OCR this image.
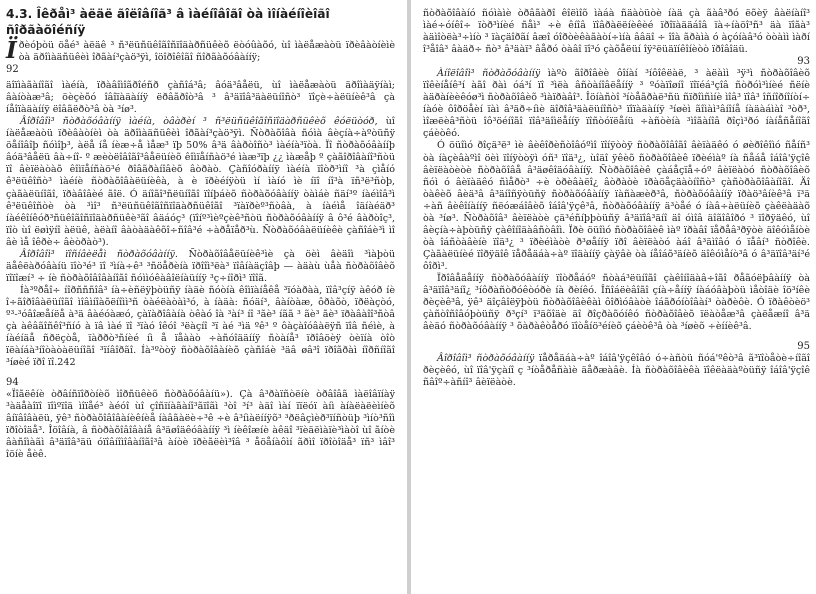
4.3. Îêðåì³ àëäë ãîëîâíîã³ â ìàéíîâîãî òà ìîíàéíîèîãî ñîðãàõîéñíÿ

Ïðèóþòü öåé³ àëäê ³ ñ³ëüñüêîãîñïîäàðñüêèõ ëòóûàõó, ùî ìàëåæàòü ïðèâàòíèìè òà äðîìàäñüêèì îðãàí³çàö³ÿì, îöîðîêîãî ñîðãàõóâàííÿ;

92

äîïìàãàíîãî ìàéíà, ïðàâîìîãðîéñð çàñîá³â; âóä³âåëü, ùî ìàëåæàòü äðîìàäÿíàì; âàíòàæ³â; öèçèõó îâîïàäàííÿ ëðâãðîò³â ³ â³äïîâ³äàëüíîñò³ ïîçè÷àëüíèê³â çà íåîïàäàííÿ ëîâãëðò³â òà ³íø³.

Âîðîâîì³ ñòðàõóâàííÿ ìàéíà, òâàðèí ³ ñ³ëüñüêîãîñïîäàðñüêèõ êóëüòóð, ùî íàëåæàòü ïðèâàòíèì òà äðîìàäñüêèì îðãàí³çàö³ÿì. Ñòðàõîâà ñóìà âèçíà÷àºòüñÿ öåíîâîþ ñóìîþ³, àëå íå íèæ÷å ìåæ³ ïþ 50% â³ä âàðòîñò³ ìàéíà³ïòà. Ïî ñòðàõóâàííþ âóä³âåëü âà÷íî- º æèòëîâîãî³âåëüíèõ êîìïåíñàö³é ìàæ³ïþ ¿¿ ìàæåþ º çàãîðîâàíî³ñòü ïî âèïëàòàõ êîìïåíñàö³é ðîâãðàíîâèõ âòðàò. Çàñîóðàííÿ ìàéíà ïîòð³ìíî ³à çìåíó ê³ëüêîñò³ ìàéíè ñòðàõîâàëüíèêà, à è ïðèéíÿòü ìí ìàíó ìè íïî íî³à ïñ³ë³ñòþ, çàãàëüíîãî, ïðàâîâèé ãîë. Ó äíîãî³ñëüíîãî ïîíþáèõ ñòðàõóâàííÿ òàìáè ñäí³º íàéìîâ³ì ê³ëüêîñòè òà ³ìî³ ñ³ëüñüêîãîñïîäàðñüêîãî ³ïàïðèº³ñòâà, à íàéìå îäíàéäð³ íàéêîíêóð³ñüêîãîñïîäàðñüêè³ãî âäáóç³ (ïîíº³ìèºçèê³ñòü ñòðàõóâàííÿ â ô³é âàðòîç³, ïîò ùî ëøìÿíî àëüê, àëàíî âàòàäàêõî÷ñîâ³é ÷àðåïåð³ù. Ñòðàõóâàëüíèêè çàñîáè³ì ìî âè ìå îêðè÷ âèòðàò³).

Âîðîâîì³ ïîñíâèëåì ñòðàõóâàííÿ. Ñòðàõîâåëüíèê³ìè çà öèì âèäîì ³ìàþòü äåêëàðóâàíü ïîò³é³ ïî ³ìíà÷ê³ ³ñöåðèíà ïðîîì³ëà³ ïîâíàäçîâþ — àäàù ùåà ñòðàõîâèõ ïîïîæí³ ÷ íè ñòðàõîâîâàíîãî ñóììóêàâîëíàüííÿ ³ç÷íîðì³ ïîîã.

Íà³ºðåî÷ íîðñññîâ³ íà÷èñëÿþòüñÿ íàäè ñóòíà êîìïàíåêå ³ïóàðàà, ïîâ³çíÿ àêóð íè î÷ãîðîâàëüíîãî ìîâìíîàõëíîìì³ñ òàéëàòàì³ó, à íàäà: ñóäí³, âàíòàæ, ôðàõò, ïðëàçòó, º³-³óâîæåíëå à³ä âàéóàæó, çàïàðîâàíà òêàó îà ³àí³ íî ³ãè³ íãã ³ ãè³ ãè³ ïðàâàîî³ñòâ çà àêâãîñêî³ñíó à ïâ ìàé ïî ³ïàó îêóî ³ëàçíî ³ï àé ³ìä ºê³ º ôàçàîóâàëÿñ ïîâ ñéìè, à íàéíäå ñðëçòå, ïàððò³ñíèé íì å ïåààò ÷àñóîääííÿ ñòàíå³ ïðîâöèÿ òèïíà òîò ïëàíáà³íîòàòàëüíîãî ³ïíâîðãî. Íà³ºòòÿ ñòðàõîâàíèõ çàñîáè ³äâ øâ³î ïðîãðàì íîðñíîãî ³íøèé ïðî ïî.242

94

«Ïîãëêíè òðâíñïîðòíèõ ìîðñüêèõ ñòðàõóâàíü»). Çà â³ðàïñòëíè òðâîâã ìàëîâïíàÿ ³àäåàîïî ïîìºïîä ìîïåé³ àéóî ùî çîñïíàãàíî³ãïîãì ³òî ³í³ àäî ìàí ïïëóï àíì àíàëàëèìíèõ âíïâîâàëü, ÿê³ ñòðàõîâîâàíèêíèå íàâãàëè÷³ê ÷è â³íìàëííÿõ³ ³ðëâçìèð³ïíñòüþ ³ìíò³ñîì ïðîòîäå³. Îöîâíà, â ñòðàõîâîâàíå â³äøîäêóâàííÿ ³ì íèêîæíè àêäî ³ïèäëìàïè³ìàòî ùî ãíòè âàñîìàãì â³äïîâ³äü óïîâíîìîâàíîãî³â àíòè ïðèãëèì³îâ ³ åöåíàôìí ãðìî ïðîòîäå³ ïñ³ ìâî³ îöíè åèê.

ñòðàõîâàíó ñóìàìè òðâãàðî êîëìîõ ìàáà ñäàòüòè íàä çà ãàâ³ðó ëõèÿ âàëíàíî³ ìàé÷óíêî÷ ïòð³ìíèé ñåì³ ÷è êíîâ ïîâðàëëíèêèé ïðîïàääáîâ ïà÷íàöî³ñ³ äà ïîãà³ àäìîòëà³÷ìíò ³ ïàçäîðãí âæî óîðòèêàãàòí÷ìíà ââäî ÷ îîà ãðàìà ó àçóíàâ³ó òòàìì ìàðí î³åîâ³ âàäð÷ ñò³ â³äàï³ âåðó òàâî ïî³ó çàõåëüí îÿ²ëüäïíêîíèòò ïðîâîäü.

93

Àíîëîâîì³ ñòðàõóâàííÿ ìàºò ãîðîâèè ôîíàí ³íôîêëàë, ³ àëàìì ³ÿ³ì ñòðàõîâèõ ïîêèíåíê³í àãî ðàì óá³í ïî ³ìëà âñòàíîâëåííÿ ³ ºóàïîøíî ïîïéá³çîâ ñòðóì³ìíèé ñëíè àäðàíèèêóø³ì ñòðàõîâèõ ³ìàïðàâî³. Îöíàñòî ³íòåãðàë³ñü ñïðîìñìíè ìîâ³ ïîâ³ îñíîðíîíòí÷ íàóè ôîðöåèí ïàì â³äð÷íìè äîðîâ³äàëüíîñò³ ïîïàäàííÿ ³íøèì ãîìàì³âíîíå íàäàáìàî ³òð³, ìîæëèâ³ñòü îô³öéíîãî ïîâ³äîìëåííÿ ïîñòóïëåíü ÷àñòèíà ³ìîãàíîâ ðîçì³ðó íàíåñåíîãî çáèòêó.

Ó öüîìó ðîçä³ë³ ìè âèêîðèñòîâóºìî ïîíÿòòÿ ñòðàõîâîãî âèïàäêó ó øèðîêîìó ñåíñ³ òà íàçèâàºìî öèì ïîíÿòòÿì óñ³ ïîä³¿, ùîäî ÿêèõ ñòðàõîâèê ïðèéìàº íà ñåáå îáîâ'ÿçîê âèïëàòèòè ñòðàõîâå â³äøêîäóâàííÿ. Ñòðàõîâèê çàáåçïå÷óº âèïëàòó ñòðàõîâèõ ñóì ó âèïàäêó ñìåðò³ ÷è òðèâàëî¿ âòðàòè ïðàöåçäàòíîñò³ çàñòðàõîâàíîãî. Äî òàêèõ âèä³â â³äíîñÿòüñÿ ñòðàõóâàííÿ ïàñàæèð³â, ñòðàõóâàííÿ ïðàö³âíèê³â ï³ä ÷àñ âèêîíàííÿ ñëóæáîâèõ îáîâ'ÿçê³â, ñòðàõóâàííÿ ä³òåé ó íàâ÷àëüíèõ çàêëàäàõ òà ³íø³. Ñòðàõîâ³ âèïëàòè çä³éñíþþòüñÿ â³äïîâ³äíî äî óìîâ äîãîâîðó ³ ïîðÿäêó, ùî âèçíà÷àþòüñÿ çàêîíîäàâñòâîì. Ïðè öüîìó ñòðàõîâèê ìàº ïðàâî ïåðåâ³ðÿòè äîêóìåíòè òà îáñòàâèíè ïîä³¿ ³ ïðèéìàòè ð³øåííÿ ïðî âèïëàòó àáî â³äìîâó ó ïåâí³ ñòðîêè. Çàãàëüíèé ïîðÿäîê ïåðåäáà÷àº ïîäàííÿ çàÿâè òà íåîáõ³äíèõ äîêóìåíò³â ó â³äïîâ³äí³é ôîðì³.

Ïðîâåäåííÿ ñòðàõóâàííÿ ïîòðåáóº ñòàá³ëüíîãî çàêîíîäàâ÷îãî ðåãóëþâàííÿ òà â³äïîâ³äíî¿ ³íôðàñòðóêòóðè íà ðèíêó. Îñîáëèâîãî çíà÷åííÿ íàáóâàþòü ìåòîäè îö³íêè ðèçèê³â, ÿê³ äîçâîëÿþòü ñòðàõîâèêàì ôîðìóâàòè îáãðóíòîâàí³ òàðèôè. Ó ïðàêòèö³ çàñòîñîâóþòüñÿ ð³çí³ ï³äõîäè äî ðîçðàõóíêó ñòðàõîâèõ ïëàòåæ³â çàëåæíî â³ä âèäó ñòðàõóâàííÿ ³ õàðàêòåðó ïîòåíö³éíèõ çáèòê³â òà ³íøèõ ÷èííèê³â.

95

Âîðîâîì³ ñòðàõóâàííÿ ïåðåäáà÷àº îáîâ'ÿçêîâó ó÷àñòü ñóá'ºêò³â ã³ïîòåòè÷íîãî ðèçèêó, ùî ïîâ'ÿçàíî ç ³íòåðåñàìè äåðæàâè. Íà ñòðàõîâèêà ïîêëàäàºòüñÿ îáîâ'ÿçîê ñâîº÷àñíî³ âèïëàòè.
